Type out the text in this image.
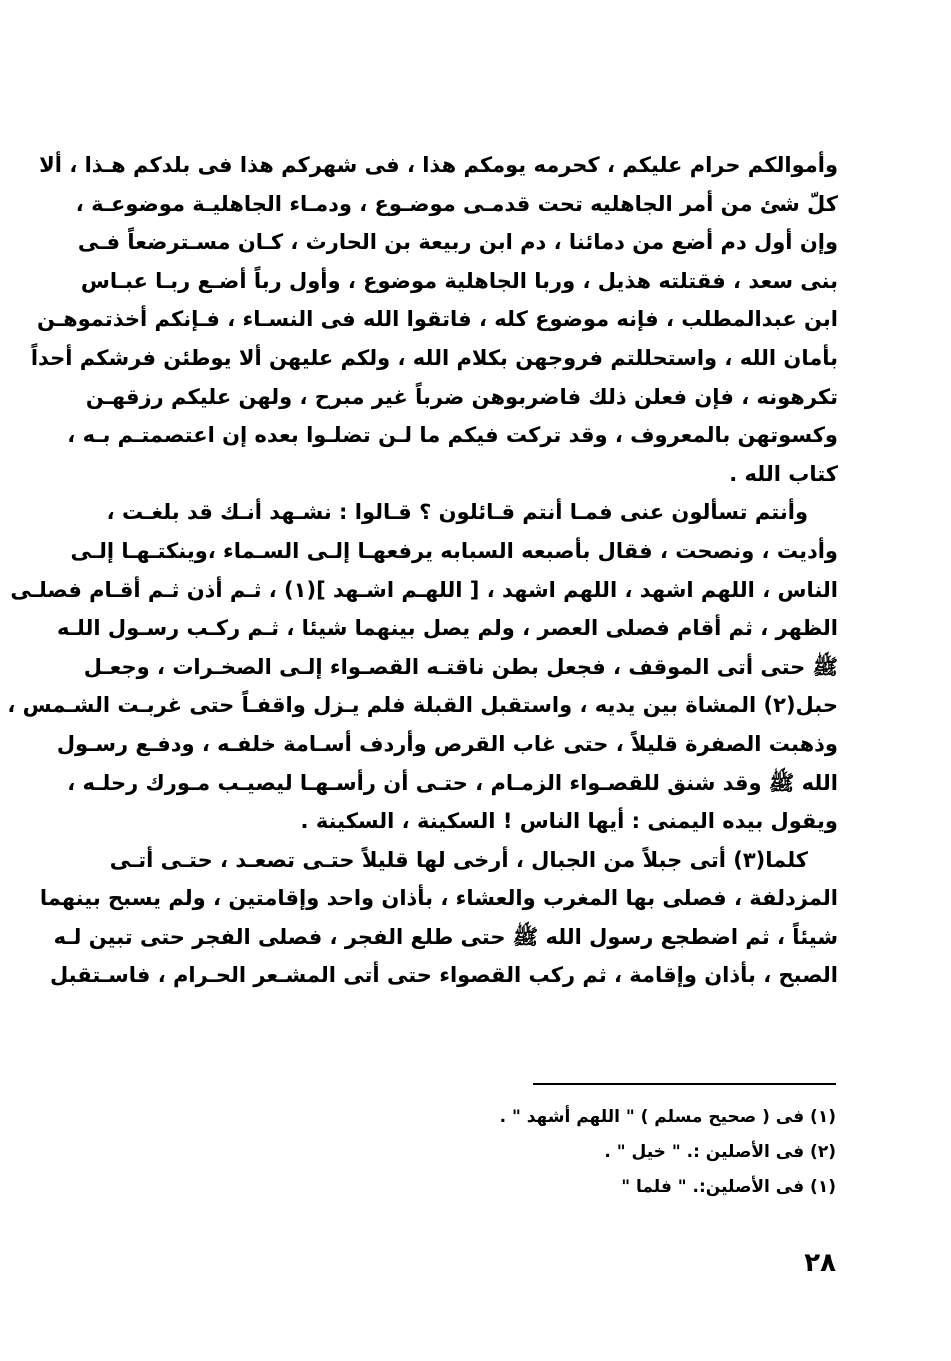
وأموالكم حرام عليكم ، كحرمه يومكم هذا ، فى شهركم هذا فى بلدكم هـذا ، ألا
كلّ شئ من أمر الجاهليه تحت قدمـى موضـوع ، ودمـاء الجاهليـة موضوعـة ،
وإن أول دم أضع من دمائنا ، دم ابن ربيعة بن الحارث ، كـان مسـترضعاً فـى
بنى سعد ، فقتلته هذيل ، وربا الجاهلية موضوع ، وأول رباً أضـع ربـا عبـاس
ابن عبدالمطلب ، فإنه موضوع كله ، فاتقوا الله فى النسـاء ، فـإنكم أخذتموهـن
بأمان الله ، واستحللتم فروجهن بكلام الله ، ولكم عليهن ألا يوطئن فرشكم أحداً
تكرهونه ، فإن فعلن ذلك فاضربوهن ضرباً غير مبرح ، ولهن عليكم رزقهـن
وكسوتهن بالمعروف ، وقد تركت فيكم ما لـن تضلـوا بعده إن اعتصمتـم بـه ،
كتاب الله .

وأنتم تسألون عنى فمـا أنتم قـائلون ؟ قـالوا : نشـهد أنـك قد بلغـت ،
وأديت ، ونصحت ، فقال بأصبعه السبابه يرفعهـا إلـى السـماء ،وينكتـهـا إلـى
الناس ، اللهم اشهد ، اللهم اشهد ، [ اللهـم اشـهد ](١) ، ثـم أذن ثـم أقـام فصلـى
الظهر ، ثم أقام فصلى العصر ، ولم يصل بينهما شيئا ، ثـم ركـب رسـول اللـه
ﷺ حتى أتى الموقف ، فجعل بطن ناقتـه القصـواء إلـى الصخـرات ، وجعـل
حبل(٢) المشاة بين يديه ، واستقبل القبلة فلم يـزل واقفـاً حتى غربـت الشـمس ،
وذهبت الصفرة قليلاً ، حتى غاب القرص وأردف أسـامة خلفـه ، ودفـع رسـول
الله ﷺ وقد شنق للقصـواء الزمـام ، حتـى أن رأسـهـا ليصيـب مـورك رحلـه ،
ويقول بيده اليمنى : أيها الناس ! السكينة ، السكينة .

كلما(٣) أتى جبلاً من الجبال ، أرخى لها قليلاً حتـى تصعـد ، حتـى أتـى
المزدلفة ، فصلى بها المغرب والعشاء ، بأذان واحد وإقامتين ، ولم يسبح بينهما
شيئاً ، ثم اضطجع رسول الله ﷺ حتى طلع الفجر ، فصلى الفجر حتى تبين لـه
الصبح ، بأذان وإقامة ، ثم ركب القصواء حتى أتى المشـعر الحـرام ، فاسـتقبل

(١) فى ( صحيح مسلم ) " اللهم أشهد " .
(٢) فى الأصلين :. " خيل " .
(١) فى الأصلين:. " فلما "
٢٨
